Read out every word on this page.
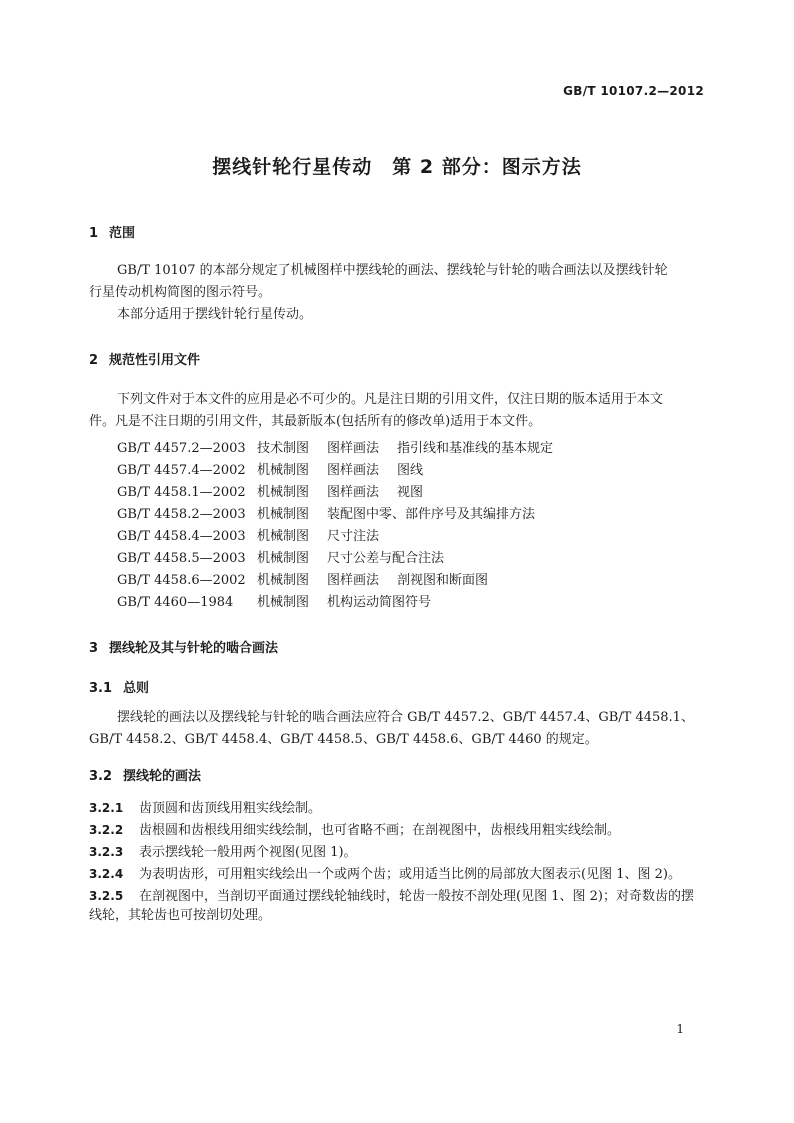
GB/T 10107.2—2012
摆线针轮行星传动　第 2 部分：图示方法
1 范围
GB/T 10107 的本部分规定了机械图样中摆线轮的画法、摆线轮与针轮的啮合画法以及摆线针轮
行星传动机构简图的图示符号。
本部分适用于摆线针轮行星传动。
2 规范性引用文件
下列文件对于本文件的应用是必不可少的。凡是注日期的引用文件，仅注日期的版本适用于本文
件。凡是不注日期的引用文件，其最新版本(包括所有的修改单)适用于本文件。
GB/T 4457.2—2003 技术制图 图样画法 指引线和基准线的基本规定
GB/T 4457.4—2002 机械制图 图样画法 图线
GB/T 4458.1—2002 机械制图 图样画法 视图
GB/T 4458.2—2003 机械制图 装配图中零、部件序号及其编排方法
GB/T 4458.4—2003 机械制图 尺寸注法
GB/T 4458.5—2003 机械制图 尺寸公差与配合注法
GB/T 4458.6—2002 机械制图 图样画法 剖视图和断面图
GB/T 4460—1984 机械制图 机构运动简图符号
3 摆线轮及其与针轮的啮合画法
3.1 总则
摆线轮的画法以及摆线轮与针轮的啮合画法应符合 GB/T 4457.2、GB/T 4457.4、GB/T 4458.1、
GB/T 4458.2、GB/T 4458.4、GB/T 4458.5、GB/T 4458.6、GB/T 4460 的规定。
3.2 摆线轮的画法
3.2.1 齿顶圆和齿顶线用粗实线绘制。
3.2.2 齿根圆和齿根线用细实线绘制，也可省略不画；在剖视图中，齿根线用粗实线绘制。
3.2.3 表示摆线轮一般用两个视图(见图 1)。
3.2.4 为表明齿形，可用粗实线绘出一个或两个齿；或用适当比例的局部放大图表示(见图 1、图 2)。
3.2.5 在剖视图中，当剖切平面通过摆线轮轴线时，轮齿一般按不剖处理(见图 1、图 2)；对奇数齿的摆
线轮，其轮齿也可按剖切处理。
1
